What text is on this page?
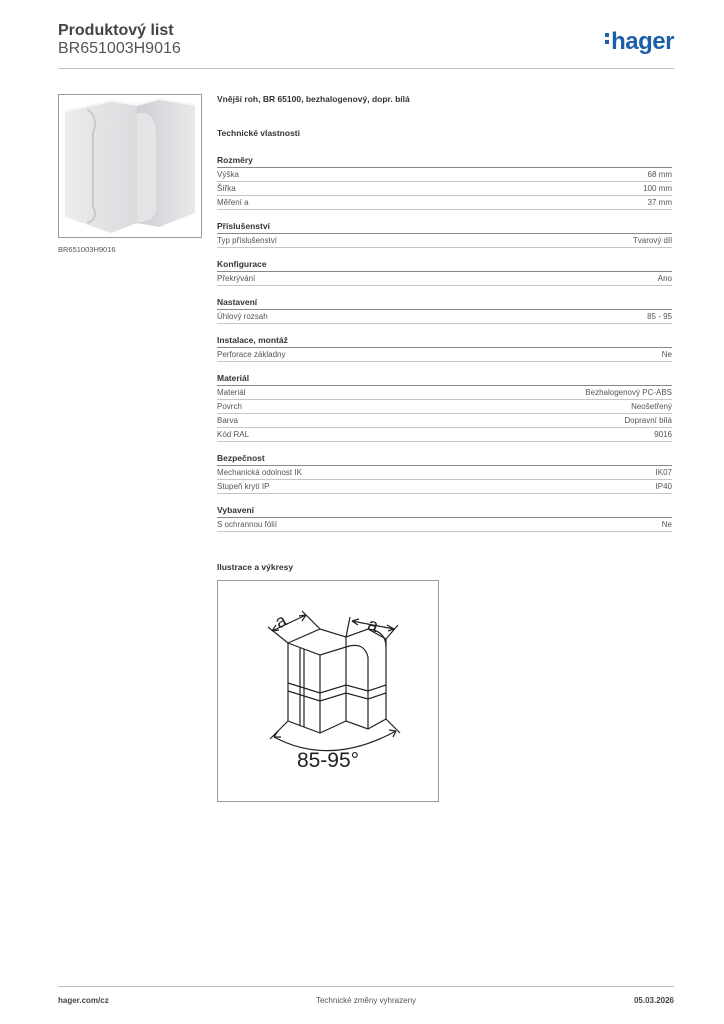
Produktový list
BR651003H9016	hager
BR651003H9016
Vnější roh, BR 65100, bezhalogenový, dopr. bílá
Technické vlastnosti
Rozměry
Výška	68 mm
Šířka	100 mm
Měření a	37 mm
Příslušenství
Typ příslušenství	Tvarový díl
Konfigurace
Překrývání	Ano
Nastavení
Úhlový rozsah	85 - 95
Instalace, montáž
Perforace základny	Ne
Materiál
Materiál	Bezhalogenový PC-ABS
Povrch	Neošetřený
Barva	Dopravní bílá
Kód RAL	9016
Bezpečnost
Mechanická odolnost IK	IK07
Stupeň krytí IP	IP40
Vybavení
S ochrannou fólií	Ne
Ilustrace a výkresy
a	a
85-95°
hager.com/cz	Technické změny vyhrazeny	05.03.2026
